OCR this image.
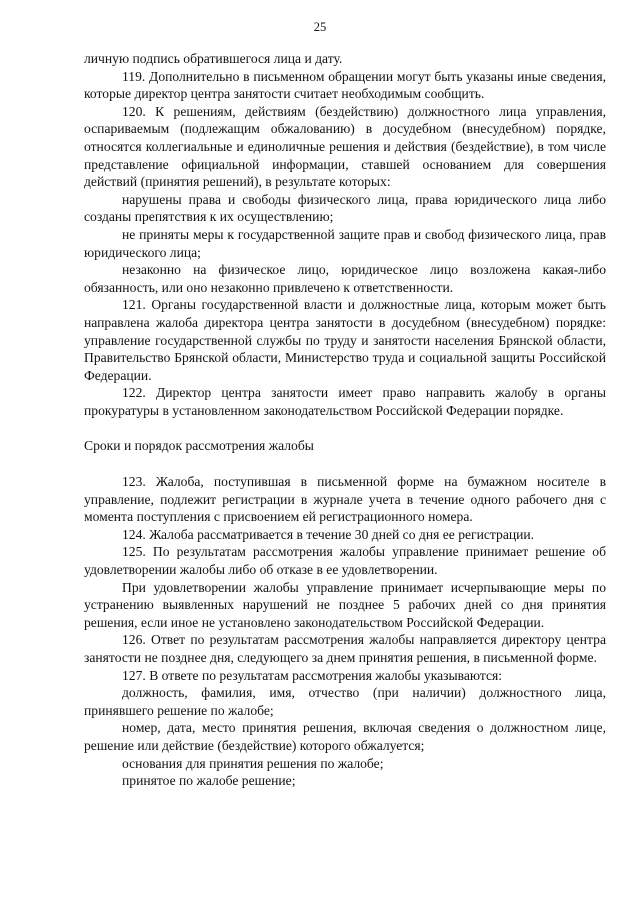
25

личную подпись обратившегося лица и дату.

119. Дополнительно в письменном обращении могут быть указаны иные сведения, которые директор центра занятости считает необходимым сообщить.

120. К решениям, действиям (бездействию) должностного лица управления, оспариваемым (подлежащим обжалованию) в досудебном (внесудебном) порядке, относятся коллегиальные и единоличные решения и действия (бездействие), в том числе представление официальной информации, ставшей основанием для совершения действий (принятия решений), в результате которых:

нарушены права и свободы физического лица, права юридического лица либо созданы препятствия к их осуществлению;

не приняты меры к государственной защите прав и свобод физического лица, прав юридического лица;

незаконно на физическое лицо, юридическое лицо возложена какая-либо обязанность, или оно незаконно привлечено к ответственности.

121. Органы государственной власти и должностные лица, которым может быть направлена жалоба директора центра занятости в досудебном (внесудебном) порядке: управление государственной службы по труду и занятости населения Брянской области, Правительство Брянской области, Министерство труда и социальной защиты Российской Федерации.

122. Директор центра занятости имеет право направить жалобу в органы прокуратуры в установленном законодательством Российской Федерации порядке.

Сроки и порядок рассмотрения жалобы

123. Жалоба, поступившая в письменной форме на бумажном носителе в управление, подлежит регистрации в журнале учета в течение одного рабочего дня с момента поступления с присвоением ей регистрационного номера.

124. Жалоба рассматривается в течение 30 дней со дня ее регистрации.

125. По результатам рассмотрения жалобы управление принимает решение об удовлетворении жалобы либо об отказе в ее удовлетворении.

При удовлетворении жалобы управление принимает исчерпывающие меры по устранению выявленных нарушений не позднее 5 рабочих дней со дня принятия решения, если иное не установлено законодательством Российской Федерации.

126. Ответ по результатам рассмотрения жалобы направляется директору центра занятости не позднее дня, следующего за днем принятия решения, в письменной форме.

127. В ответе по результатам рассмотрения жалобы указываются:

должность, фамилия, имя, отчество (при наличии) должностного лица, принявшего решение по жалобе;

номер, дата, место принятия решения, включая сведения о должностном лице, решение или действие (бездействие) которого обжалуется;

основания для принятия решения по жалобе;

принятое по жалобе решение;
